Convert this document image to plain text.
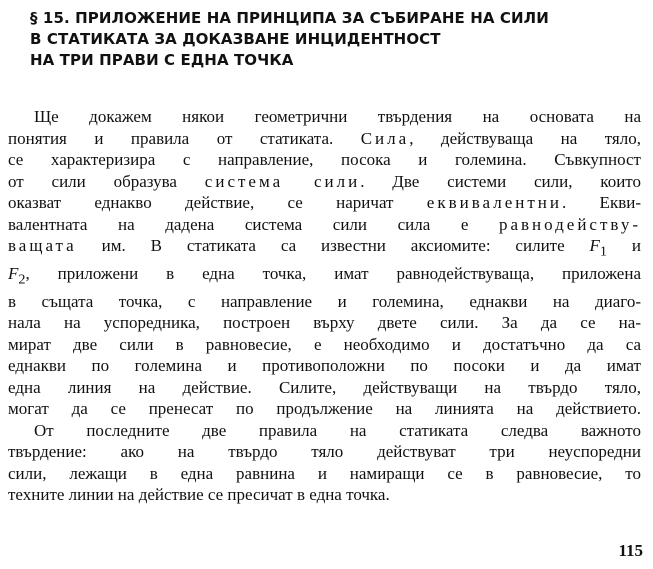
§ 15. ПРИЛОЖЕНИЕ НА ПРИНЦИПА ЗА СЪБИРАНЕ НА СИЛИ
В СТАТИКАТА ЗА ДОКАЗВАНЕ ИНЦИДЕНТНОСТ
НА ТРИ ПРАВИ С ЕДНА ТОЧКА
Ще докажем някои геометрични твърдения на основата на
понятия и правила от статиката. Сила, действуваща на тяло,
се характеризира с направление, посока и големина. Съвкупност
от сили образува система сили. Две системи сили, които
оказват еднакво действие, се наричат еквивалентни. Екви-
валентната на дадена система сили сила е равнодейству-
ващата им. В статиката са известни аксиомите: силите $F_1$ и
$F_2$, приложени в една точка, имат равнодействуваща, приложена
в същата точка, с направление и големина, еднакви на диаго-
нала на успоредника, построен върху двете сили. За да се на-
мират две сили в равновесие, е необходимо и достатъчно да са
еднакви по големина и противоположни по посоки и да имат
една линия на действие. Силите, действуващи на твърдо тяло,
могат да се пренесат по продължение на линията на действието.
От последните две правила на статиката следва важното
твърдение: ако на твърдо тяло действуват три неуспоредни
сили, лежащи в една равнина и намиращи се в равновесие, то
техните линии на действие се пресичат в една точка.
115
